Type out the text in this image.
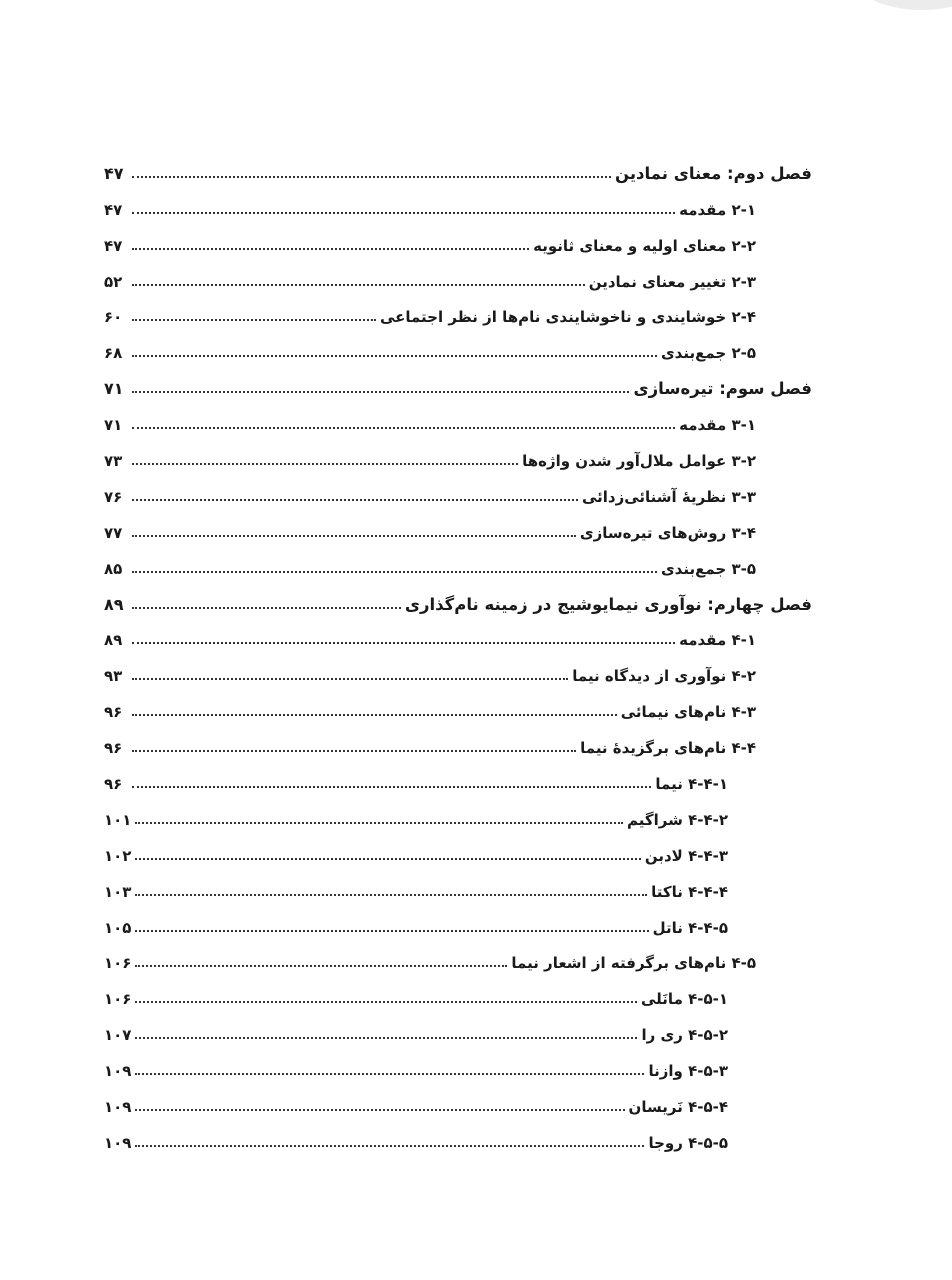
فصل دوم: معنای نمادین
۴۷
۲-۱ مقدمه
۴۷
۲-۲ معنای اولیه و معنای ثانویه
۴۷
۲-۳ تغییر معنای نمادین
۵۲
۲-۴ خوشایندی و ناخوشایندی نام‌ها از نظر اجتماعی
۶۰
۲-۵ جمع‌بندی
۶۸
فصل سوم: تیره‌سازی
۷۱
۳-۱ مقدمه
۷۱
۳-۲ عوامل ملال‌آور شدن واژه‌ها
۷۳
۳-۳ نظریهٔ آشنائی‌زدائی
۷۶
۳-۴ روش‌های تیره‌سازی
۷۷
۳-۵ جمع‌بندی
۸۵
فصل چهارم: نوآوری نیمایوشیج در زمینه نام‌گذاری
۸۹
۴-۱ مقدمه
۸۹
۴-۲ نوآوری از دیدگاه نیما
۹۳
۴-۳ نام‌های نیمائی
۹۶
۴-۴ نام‌های برگزیدهٔ نیما
۹۶
۴-۴-۱ نیما
۹۶
۴-۴-۲ شراگیم
۱۰۱
۴-۴-۳ لادبن
۱۰۲
۴-۴-۴ ناکتا
۱۰۳
۴-۴-۵ ناتل
۱۰۵
۴-۵ نام‌های برگرفته از اشعار نیما
۱۰۶
۴-۵-۱ مانَلی
۱۰۶
۴-۵-۲ ری را
۱۰۷
۴-۵-۳ وازنا
۱۰۹
۴-۵-۴ نَریسان
۱۰۹
۴-۵-۵ روجا
۱۰۹
